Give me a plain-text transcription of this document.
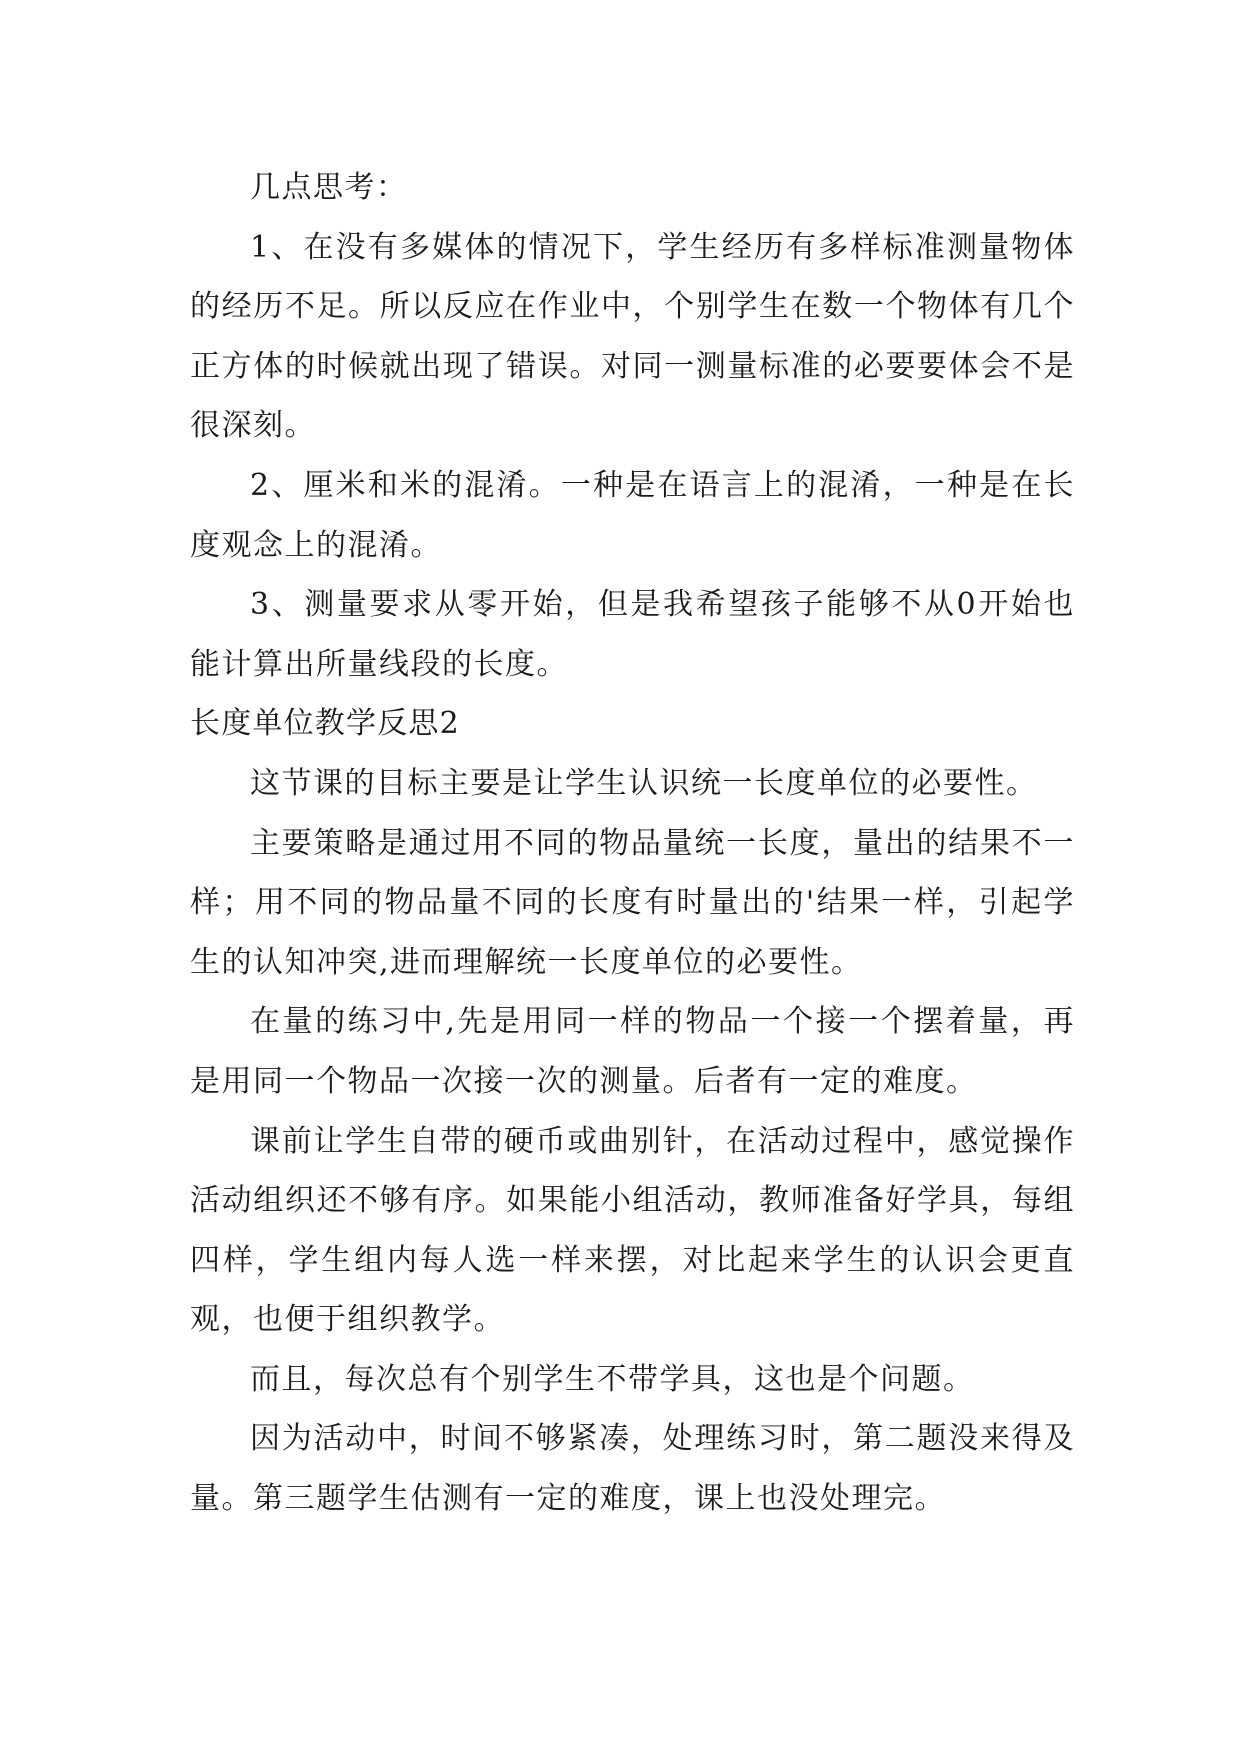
几点思考：

1、在没有多媒体的情况下，学生经历有多样标准测量物体的经历不足。所以反应在作业中，个别学生在数一个物体有几个正方体的时候就出现了错误。对同一测量标准的必要要体会不是很深刻。

2、厘米和米的混淆。一种是在语言上的混淆，一种是在长度观念上的混淆。

3、测量要求从零开始，但是我希望孩子能够不从0开始也能计算出所量线段的长度。

长度单位教学反思2

这节课的目标主要是让学生认识统一长度单位的必要性。

主要策略是通过用不同的物品量统一长度，量出的结果不一样；用不同的物品量不同的长度有时量出的'结果一样，引起学生的认知冲突,进而理解统一长度单位的必要性。

在量的练习中,先是用同一样的物品一个接一个摆着量，再是用同一个物品一次接一次的测量。后者有一定的难度。

课前让学生自带的硬币或曲别针，在活动过程中，感觉操作活动组织还不够有序。如果能小组活动，教师准备好学具，每组四样，学生组内每人选一样来摆，对比起来学生的认识会更直观，也便于组织教学。

而且，每次总有个别学生不带学具，这也是个问题。

因为活动中，时间不够紧凑，处理练习时，第二题没来得及量。第三题学生估测有一定的难度，课上也没处理完。
